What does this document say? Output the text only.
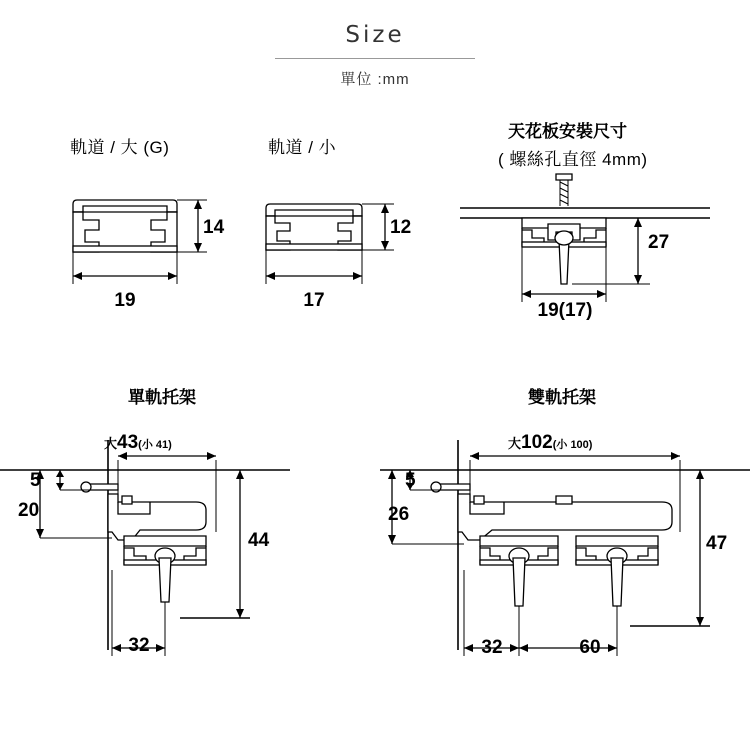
Size
單位 :mm
軌道 / 大 (G)
14
19
軌道 / 小
12
17
天花板安裝尺寸
( 螺絲孔直徑 4mm)
27
19(17)
單軌托架
大43(小 41)
5
20
44
32
雙軌托架
大102(小 100)
5
26
47
32	60
